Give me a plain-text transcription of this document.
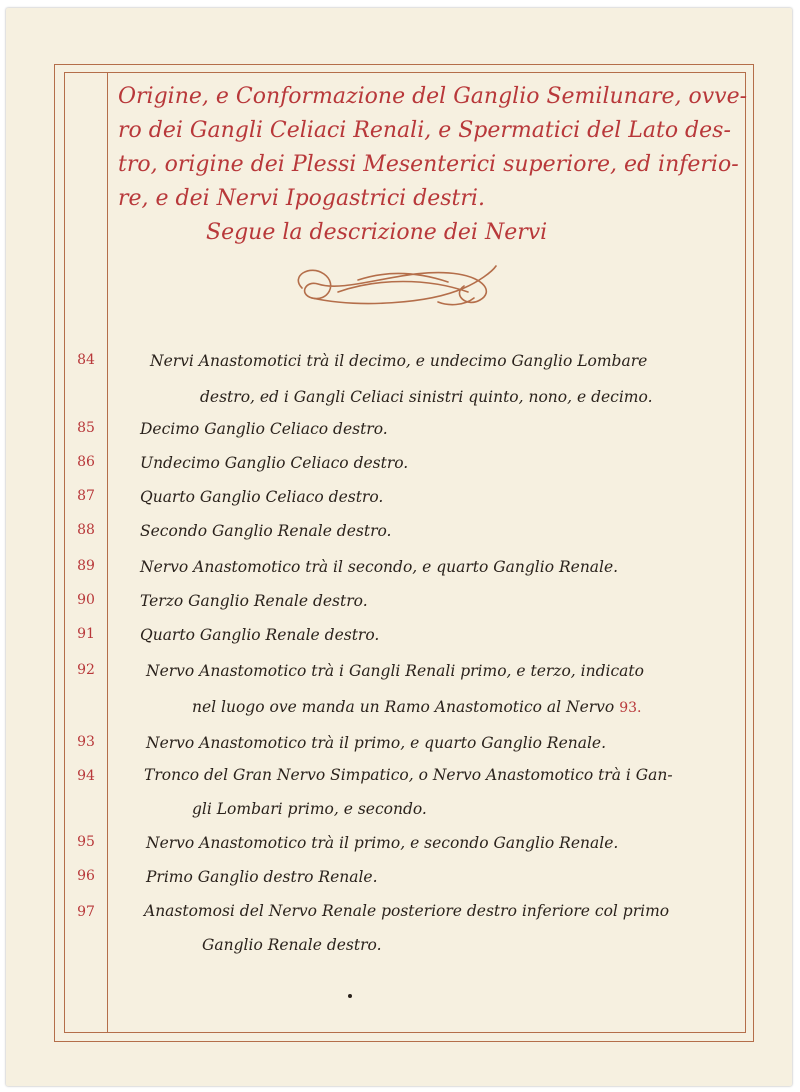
Origine, e Conformazione del Ganglio Semilunare, ovve-
ro dei Gangli Celiaci Renali, e Spermatici del Lato des-
tro, origine dei Plessi Mesenterici superiore, ed inferio-
re, e dei Nervi Ipogastrici destri.
Segue la descrizione dei Nervi
84	Nervi Anastomotici trà il decimo, e undecimo Ganglio Lombare
destro, ed i Gangli Celiaci sinistri quinto, nono, e decimo.
85	Decimo Ganglio Celiaco destro.
86	Undecimo Ganglio Celiaco destro.
87	Quarto Ganglio Celiaco destro.
88	Secondo Ganglio Renale destro.
89	Nervo Anastomotico trà il secondo, e quarto Ganglio Renale.
90	Terzo Ganglio Renale destro.
91	Quarto Ganglio Renale destro.
92	Nervo Anastomotico trà i Gangli Renali primo, e terzo, indicato
nel luogo ove manda un Ramo Anastomotico al Nervo 93.
93	Nervo Anastomotico trà il primo, e quarto Ganglio Renale.
94	Tronco del Gran Nervo Simpatico, o Nervo Anastomotico trà i Gan-
gli Lombari primo, e secondo.
95	Nervo Anastomotico trà il primo, e secondo Ganglio Renale.
96	Primo Ganglio destro Renale.
97	Anastomosi del Nervo Renale posteriore destro inferiore col primo
Ganglio Renale destro.
